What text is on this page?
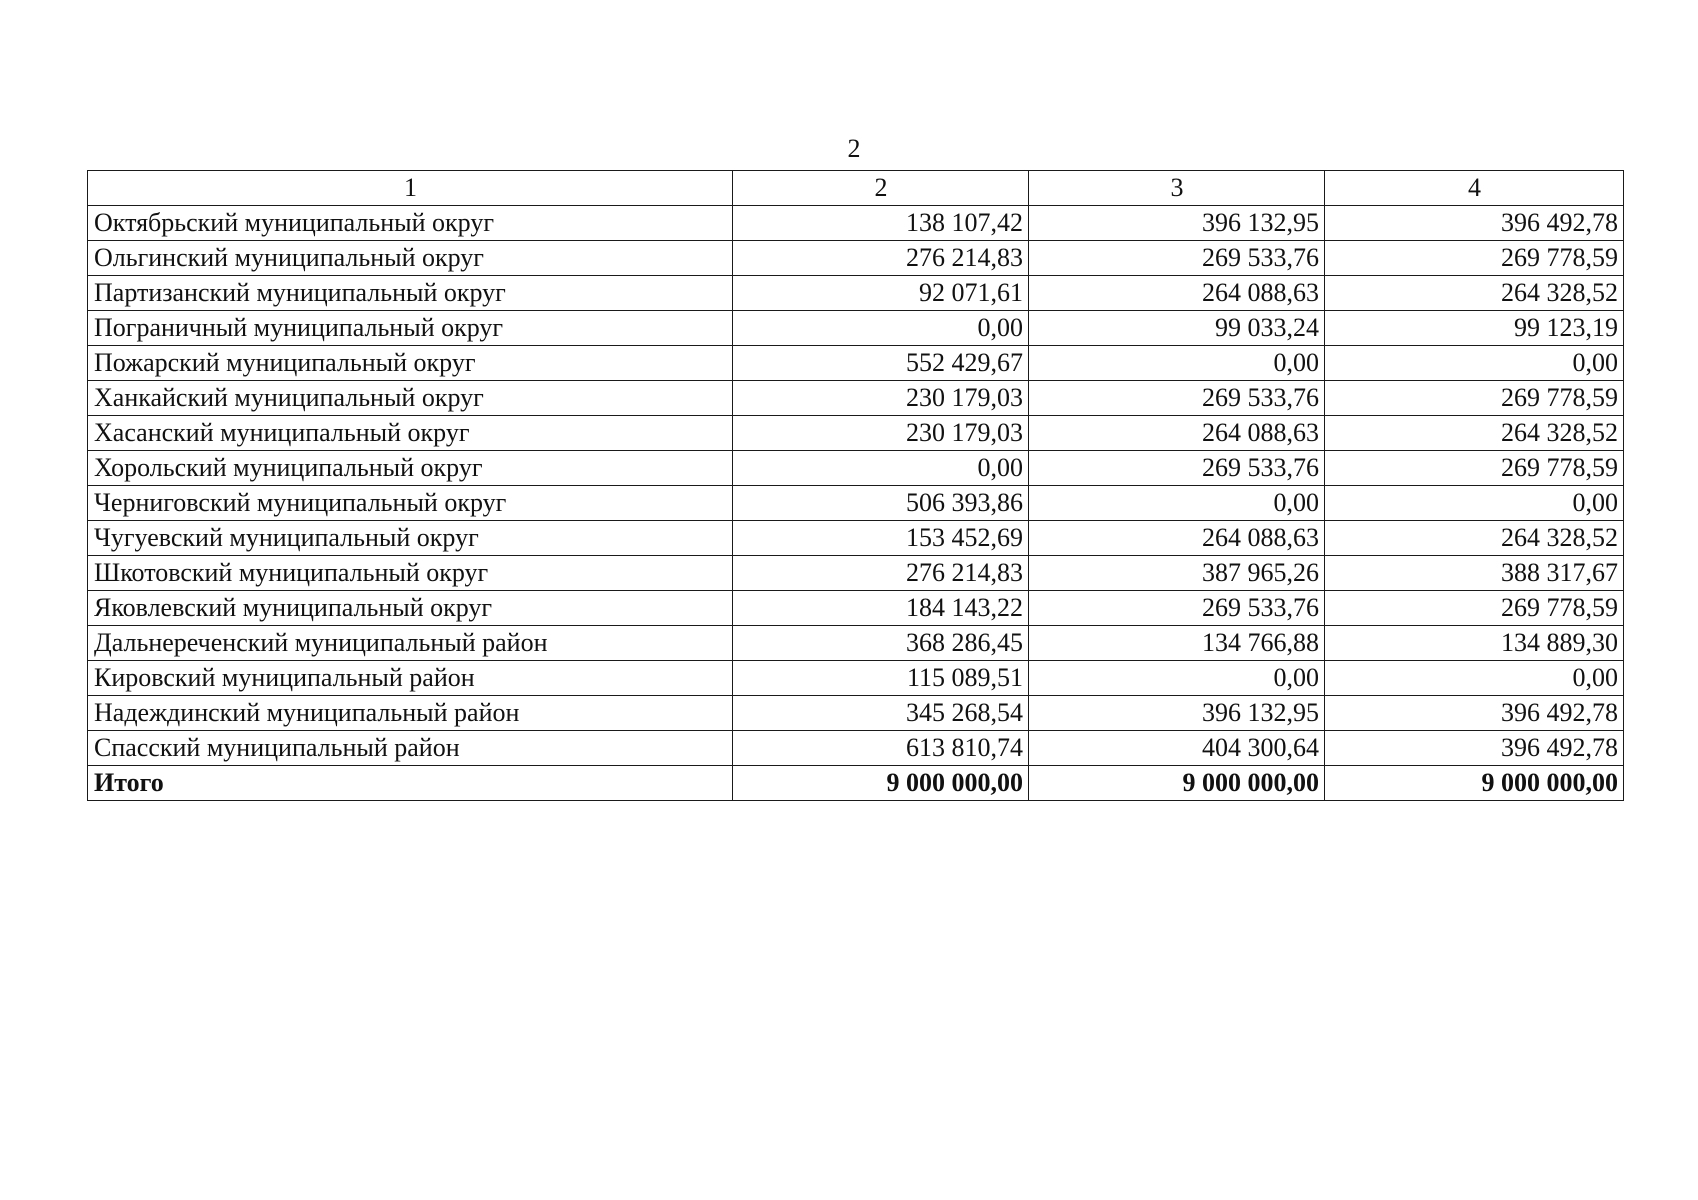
2
1	2	3	4
Октябрьский муниципальный округ	138 107,42	396 132,95	396 492,78
Ольгинский муниципальный округ	276 214,83	269 533,76	269 778,59
Партизанский муниципальный округ	92 071,61	264 088,63	264 328,52
Пограничный муниципальный округ	0,00	99 033,24	99 123,19
Пожарский муниципальный округ	552 429,67	0,00	0,00
Ханкайский муниципальный округ	230 179,03	269 533,76	269 778,59
Хасанский муниципальный округ	230 179,03	264 088,63	264 328,52
Хорольский муниципальный округ	0,00	269 533,76	269 778,59
Черниговский муниципальный округ	506 393,86	0,00	0,00
Чугуевский муниципальный округ	153 452,69	264 088,63	264 328,52
Шкотовский муниципальный округ	276 214,83	387 965,26	388 317,67
Яковлевский муниципальный округ	184 143,22	269 533,76	269 778,59
Дальнереченский муниципальный район	368 286,45	134 766,88	134 889,30
Кировский муниципальный район	115 089,51	0,00	0,00
Надеждинский муниципальный район	345 268,54	396 132,95	396 492,78
Спасский муниципальный район	613 810,74	404 300,64	396 492,78
Итого	9 000 000,00	9 000 000,00	9 000 000,00
